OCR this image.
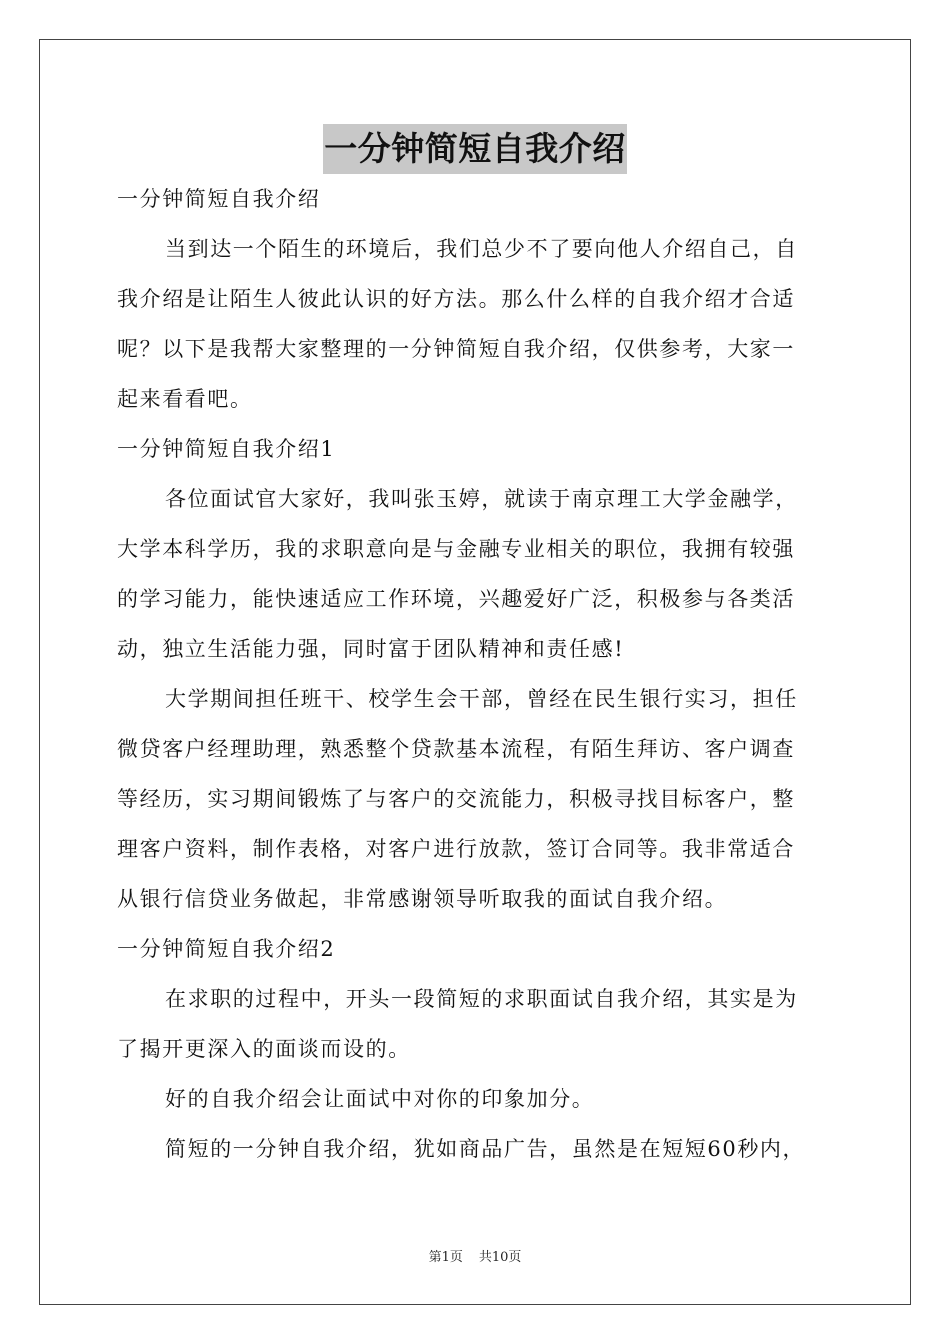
一分钟简短自我介绍
一分钟简短自我介绍
当到达一个陌生的环境后，我们总少不了要向他人介绍自己，自
我介绍是让陌生人彼此认识的好方法。那么什么样的自我介绍才合适
呢？以下是我帮大家整理的一分钟简短自我介绍，仅供参考，大家一
起来看看吧。
一分钟简短自我介绍1
各位面试官大家好，我叫张玉婷，就读于南京理工大学金融学，
大学本科学历，我的求职意向是与金融专业相关的职位，我拥有较强
的学习能力，能快速适应工作环境，兴趣爱好广泛，积极参与各类活
动，独立生活能力强，同时富于团队精神和责任感!
大学期间担任班干、校学生会干部，曾经在民生银行实习，担任
微贷客户经理助理，熟悉整个贷款基本流程，有陌生拜访、客户调查
等经历，实习期间锻炼了与客户的交流能力，积极寻找目标客户，整
理客户资料，制作表格，对客户进行放款，签订合同等。我非常适合
从银行信贷业务做起，非常感谢领导听取我的面试自我介绍。
一分钟简短自我介绍2
在求职的过程中，开头一段简短的求职面试自我介绍，其实是为
了揭开更深入的面谈而设的。
好的自我介绍会让面试中对你的印象加分。
简短的一分钟自我介绍，犹如商品广告，虽然是在短短60秒内，
第1页 共10页
